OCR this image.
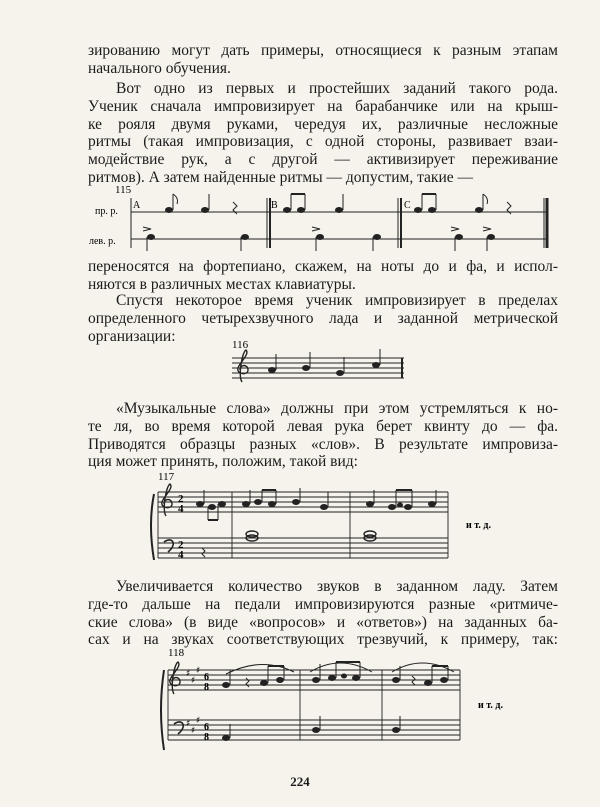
зированию могут дать примеры, относящиеся к разным этапам
начального обучения.
Вот одно из первых и простейших заданий такого рода.
Ученик сначала импровизирует на барабанчике или на крыш-
ке рояля двумя руками, чередуя их, различные несложные
ритмы (такая импровизация, с одной стороны, развивает взаи-
модействие рук, а с другой — активизирует переживание
ритмов). А затем найденные ритмы — допустим, такие —
115
пр. р.
лев. р.
A	B	C
переносятся на фортепиано, скажем, на ноты до и фа, и испол-
няются в различных местах клавиатуры.
Спустя некоторое время ученик импровизирует в пределах
определенного четырехзвучного лада и заданной метрической
организации:
116
«Музыкальные слова» должны при этом устремляться к но-
те ля, во время которой левая рука берет квинту до — фа.
Приводятся образцы разных «слов». В результате импровиза-
ция может принять, положим, такой вид:
117
2
4
2
4
и т. д.
Увеличивается количество звуков в заданном ладу. Затем
где-то дальше на педали импровизируются разные «ритмиче-
ские слова» (в виде «вопросов» и «ответов») на заданных ба-
сах и на звуках соответствующих трезвучий, к примеру, так:
118
♯
♯
♯
6
8
♯
♯
♯
6
8
и т. д.
224
